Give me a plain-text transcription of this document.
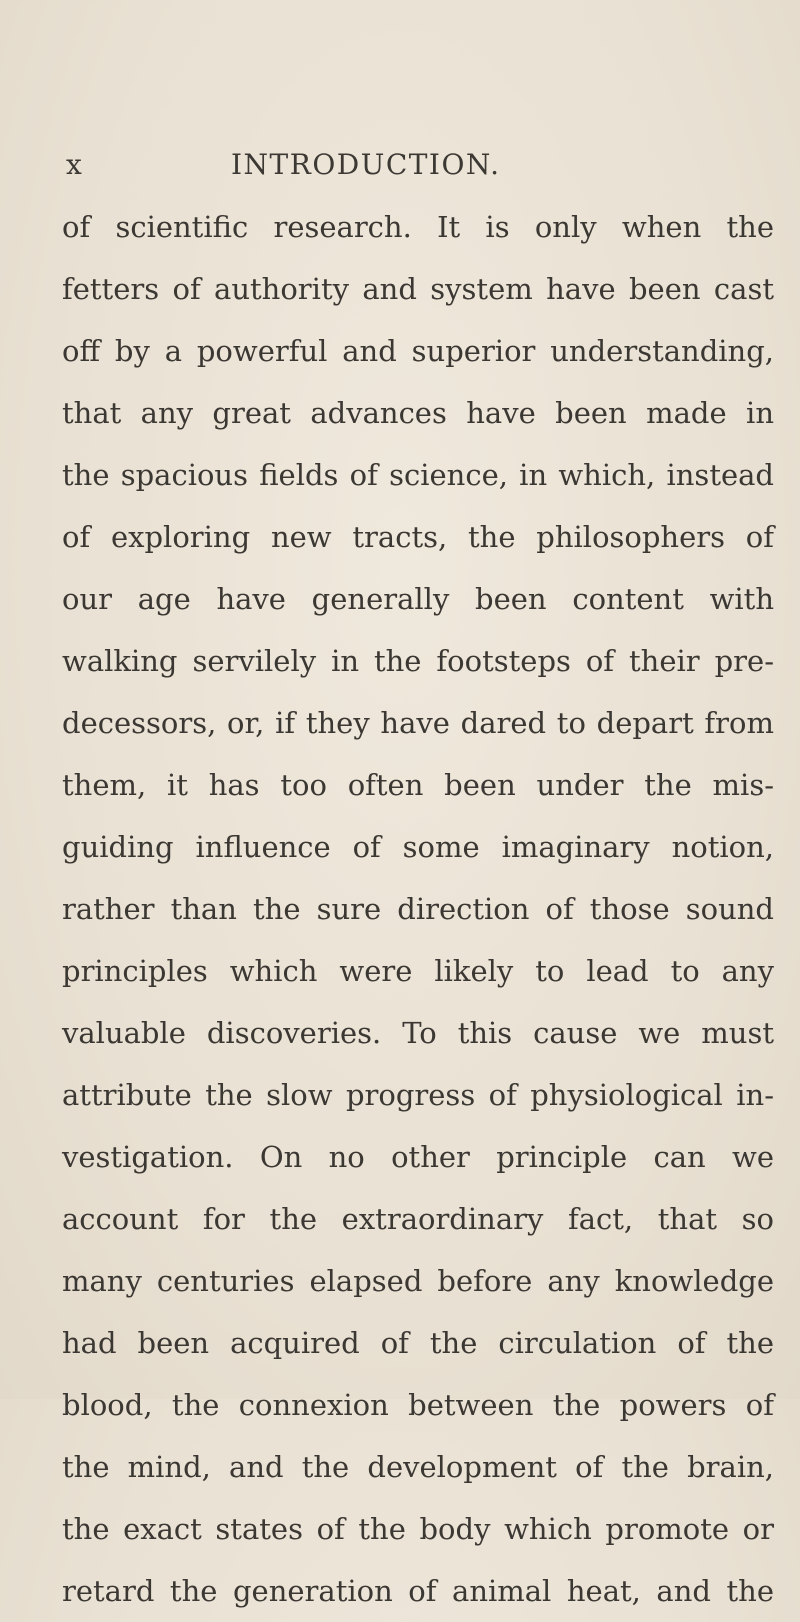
x	INTRODUCTION.
of scientific research. It is only when the
fetters of authority and system have been cast
off by a powerful and superior understanding,
that any great advances have been made in
the spacious fields of science, in which, instead
of exploring new tracts, the philosophers of
our age have generally been content with
walking servilely in the footsteps of their pre-
decessors, or, if they have dared to depart from
them, it has too often been under the mis-
guiding influence of some imaginary notion,
rather than the sure direction of those sound
principles which were likely to lead to any
valuable discoveries. To this cause we must
attribute the slow progress of physiological in-
vestigation. On no other principle can we
account for the extraordinary fact, that so
many centuries elapsed before any knowledge
had been acquired of the circulation of the
blood, the connexion between the powers of
the mind, and the development of the brain,
the exact states of the body which promote or
retard the generation of animal heat, and the
